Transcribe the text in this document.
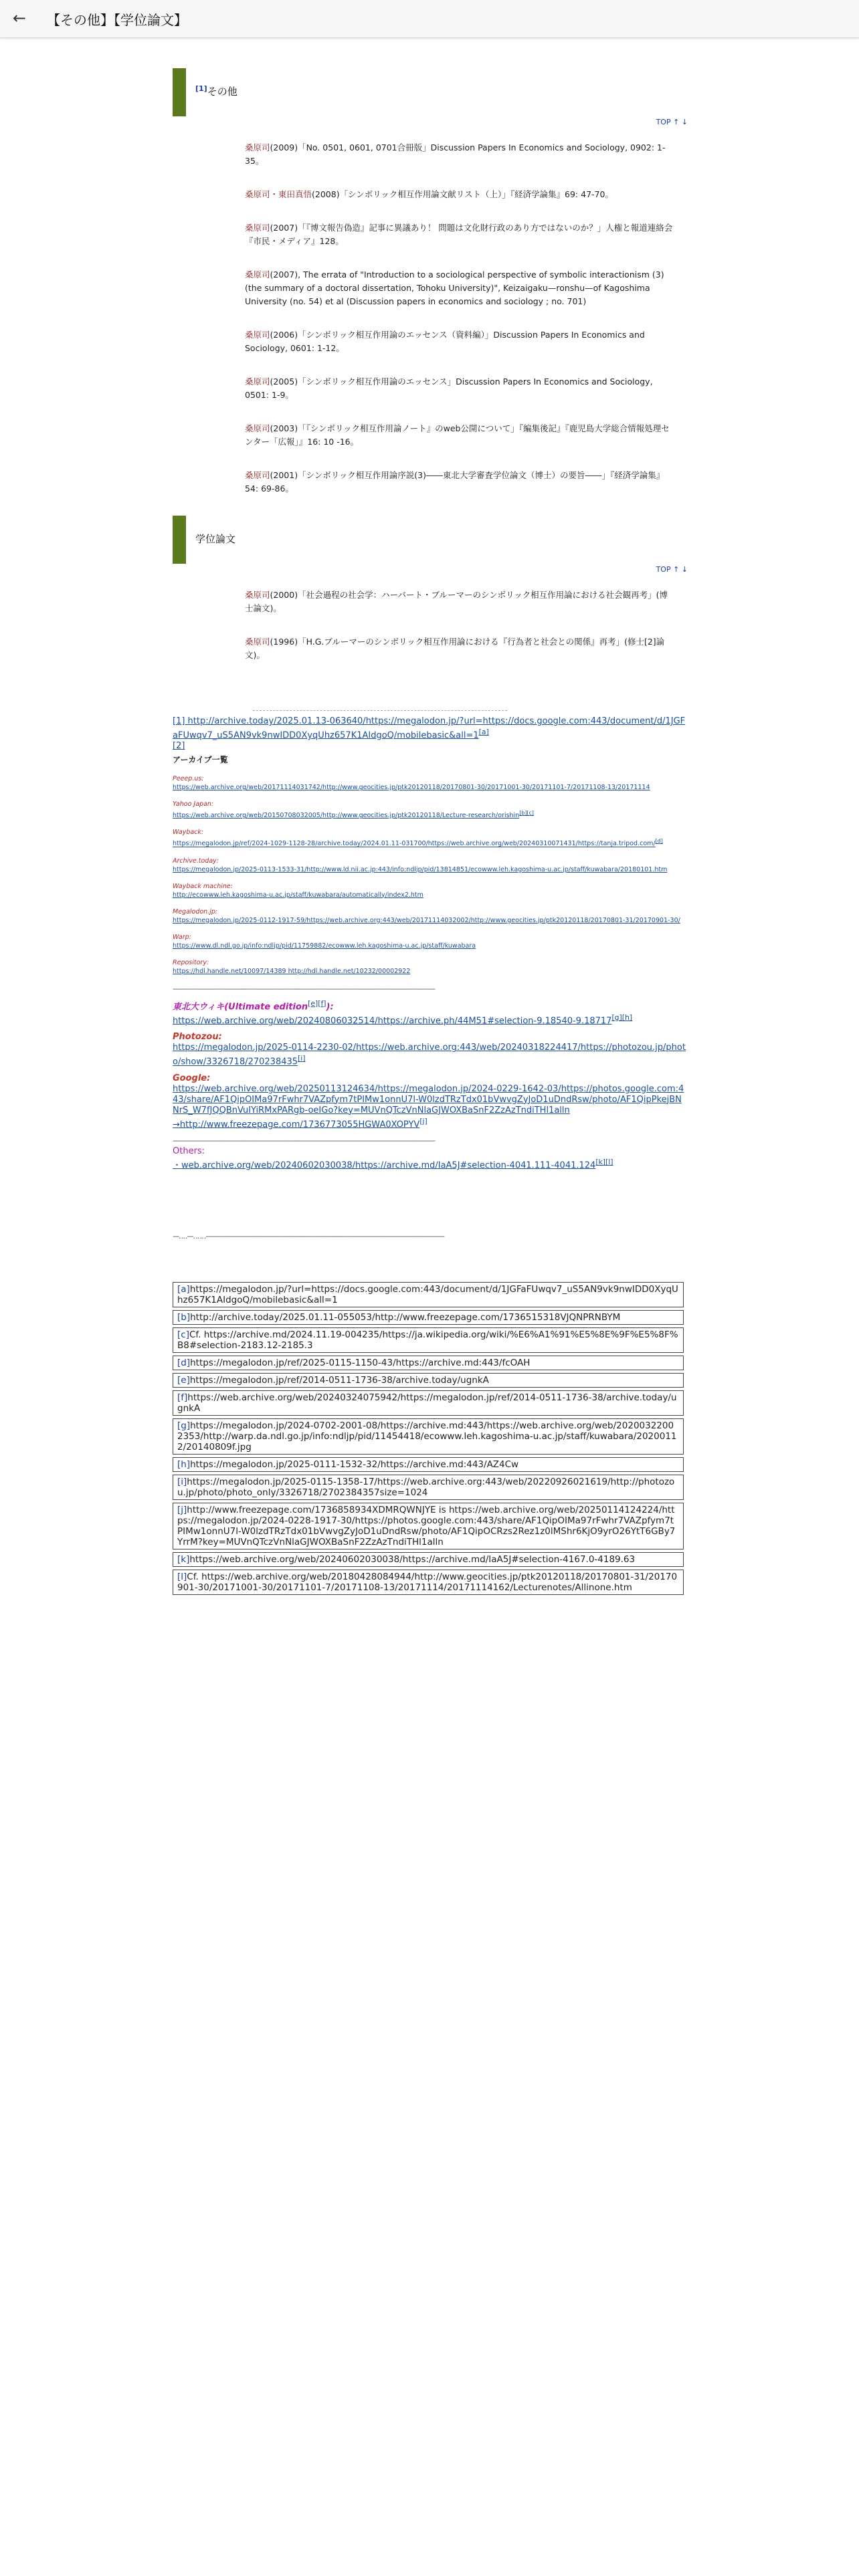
← 【その他】【学位論文】
[1]その他
TOP ↑ ↓
桑原司(2009)「No. 0501, 0601, 0701合冊版」Discussion Papers In Economics and Sociology, 0902: 1-35。
桑原司・東田真悟(2008)「シンボリック相互作用論文献リスト（上）」『経済学論集』69: 47-70。
桑原司(2007)「『博文報告偽造』記事に異議あり！ 問題は文化財行政のあり方ではないのか？」人権と報道連絡会『市民・メディア』128。
桑原司(2007), The errata of "Introduction to a sociological perspective of symbolic interactionism (3) (the summary of a doctoral dissertation, Tohoku University)", Keizaigaku—ronshu—of Kagoshima University (no. 54) et al (Discussion papers in economics and sociology ; no. 701)
桑原司(2006)「シンボリック相互作用論のエッセンス（資料編）」Discussion Papers In Economics and Sociology, 0601: 1-12。
桑原司(2005)「シンボリック相互作用論のエッセンス」Discussion Papers In Economics and Sociology, 0501: 1-9。
桑原司(2003)「『シンボリック相互作用論ノート』のweb公開について」『編集後記』『鹿児島大学総合情報処理センター「広報」』16: 10 -16。
桑原司(2001)「シンボリック相互作用論序説(3)――東北大学審査学位論文（博士）の要旨――」『経済学論集』54: 69-86。
学位論文
TOP ↑ ↓
桑原司(2000)「社会過程の社会学：ハーバート・ブルーマーのシンボリック相互作用論における社会観再考」(博士論文)。
桑原司(1996)「H.G.ブルーマーのシンボリック相互作用論における『行為者と社会との関係』再考」(修士[2]論文)。
[1] http://archive.today/2025.01.13-063640/https://megalodon.jp/?url=https://docs.google.com:443/document/d/1JGFaFUwqv7_uS5AN9vk9nwIDD0XyqUhz657K1AIdgoQ/mobilebasic&all=1[a]
[2]
アーカイブ一覧
Peeep.us:
https://web.archive.org/web/20171114031742/http://www.geocities.jp/ptk20120118/20170801-30/20171001-30/20171101-7/20171108-13/20171114
Yahoo Japan:
https://web.archive.org/web/20150708032005/http://www.geocities.jp/ptk20120118/Lecture-research/orishin[b][c]
Wayback:
https://megalodon.jp/ref/2024-1029-1128-28/archive.today/2024.01.11-031700/https://web.archive.org/web/20240310071431/https://tanja.tripod.com/[d]
Archive.today:
https://megalodon.jp/2025-0113-1533-31/http://www.ld.nii.ac.jp:443/info:ndljp/pid/13814851/ecowww.leh.kagoshima-u.ac.jp/staff/kuwabara/20180101.htm
Wayback machine:
http://ecowww.leh.kagoshima-u.ac.jp/staff/kuwabara/automatically/index2.htm
Megalodon.jp:
https://megalodon.jp/2025-0112-1917-59/https://web.archive.org:443/web/20171114032002/http://www.geocities.jp/ptk20120118/20170801-31/20170901-30/
Warp:
https://www.dl.ndl.go.jp/info:ndljp/pid/11759882/ecowww.leh.kagoshima-u.ac.jp/staff/kuwabara
Repository:
https://hdl.handle.net/10097/14389 http://hdl.handle.net/10232/00002922
------------------------------------------------------------------------------------------------------------------------------------
東北大ウィキ(Ultimate edition[e][f]):
https://web.archive.org/web/20240806032514/https://archive.ph/44M51#selection-9.18540-9.18717[g][h]
Photozou:
https://megalodon.jp/2025-0114-2230-02/https://web.archive.org:443/web/20240318224417/https://photozou.jp/photo/show/3326718/270238435[i]
Google:
https://web.archive.org/web/20250113124634/https://megalodon.jp/2024-0229-1642-03/https://photos.google.com:443/share/AF1QipOIMa97rFwhr7VAZpfym7tPIMw1onnU7l-W0lzdTRzTdx01bVwvgZyJoD1uDndRsw/photo/AF1QipPkejBNNrS_W7fJQQBnVuIYiRMxPARgb-oeIGo?key=MUVnQTczVnNlaGJWOXBaSnF2ZzAzTndiTHl1alln
→http://www.freezepage.com/1736773055HGWA0XOPYV[j]
------------------------------------------------------------------------------------------------------------------------------------
Others:
・web.archive.org/web/20240602030038/https://archive.md/IaA5J#selection-4041.111-4041.124[k][l]
---‥‥---‥‥‥------------------------------------------------------------------------------------------------------------------------
[a]https://megalodon.jp/?url=https://docs.google.com:443/document/d/1JGFaFUwqv7_uS5AN9vk9nwIDD0XyqUhz657K1AIdgoQ/mobilebasic&all=1
[b]http://archive.today/2025.01.11-055053/http://www.freezepage.com/1736515318VJQNPRNBYM
[c]Cf. https://archive.md/2024.11.19-004235/https://ja.wikipedia.org/wiki/%E6%A1%91%E5%8E%9F%E5%8F%B8#selection-2183.12-2185.3
[d]https://megalodon.jp/ref/2025-0115-1150-43/https://archive.md:443/fcOAH
[e]https://megalodon.jp/ref/2014-0511-1736-38/archive.today/ugnkA
[f]https://web.archive.org/web/20240324075942/https://megalodon.jp/ref/2014-0511-1736-38/archive.today/ugnkA
[g]https://megalodon.jp/2024-0702-2001-08/https://archive.md:443/https://web.archive.org/web/20200322002353/http://warp.da.ndl.go.jp/info:ndljp/pid/11454418/ecowww.leh.kagoshima-u.ac.jp/staff/kuwabara/20200112/20140809f.jpg
[h]https://megalodon.jp/2025-0111-1532-32/https://archive.md:443/AZ4Cw
[i]https://megalodon.jp/2025-0115-1358-17/https://web.archive.org:443/web/20220926021619/http://photozou.jp/photo/photo_only/3326718/2702384357size=1024
[j]http://www.freezepage.com/1736858934XDMRQWNJYE is https://web.archive.org/web/20250114124224/https://megalodon.jp/2024-0228-1917-30/https://photos.google.com:443/share/AF1QipOIMa97rFwhr7VAZpfym7tPIMw1onnU7l-W0lzdTRzTdx01bVwvgZyJoD1uDndRsw/photo/AF1QipOCRzs2Rez1z0lMShr6KjO9yrO26YtT6GBy7YrrM?key=MUVnQTczVnNlaGJWOXBaSnF2ZzAzTndiTHl1alln
[k]https://web.archive.org/web/20240602030038/https://archive.md/IaA5J#selection-4167.0-4189.63
[l]Cf. https://web.archive.org/web/20180428084944/http://www.geocities.jp/ptk20120118/20170801-31/20170901-30/20171001-30/20171101-7/20171108-13/20171114/20171114162/Lecturenotes/Allinone.htm
